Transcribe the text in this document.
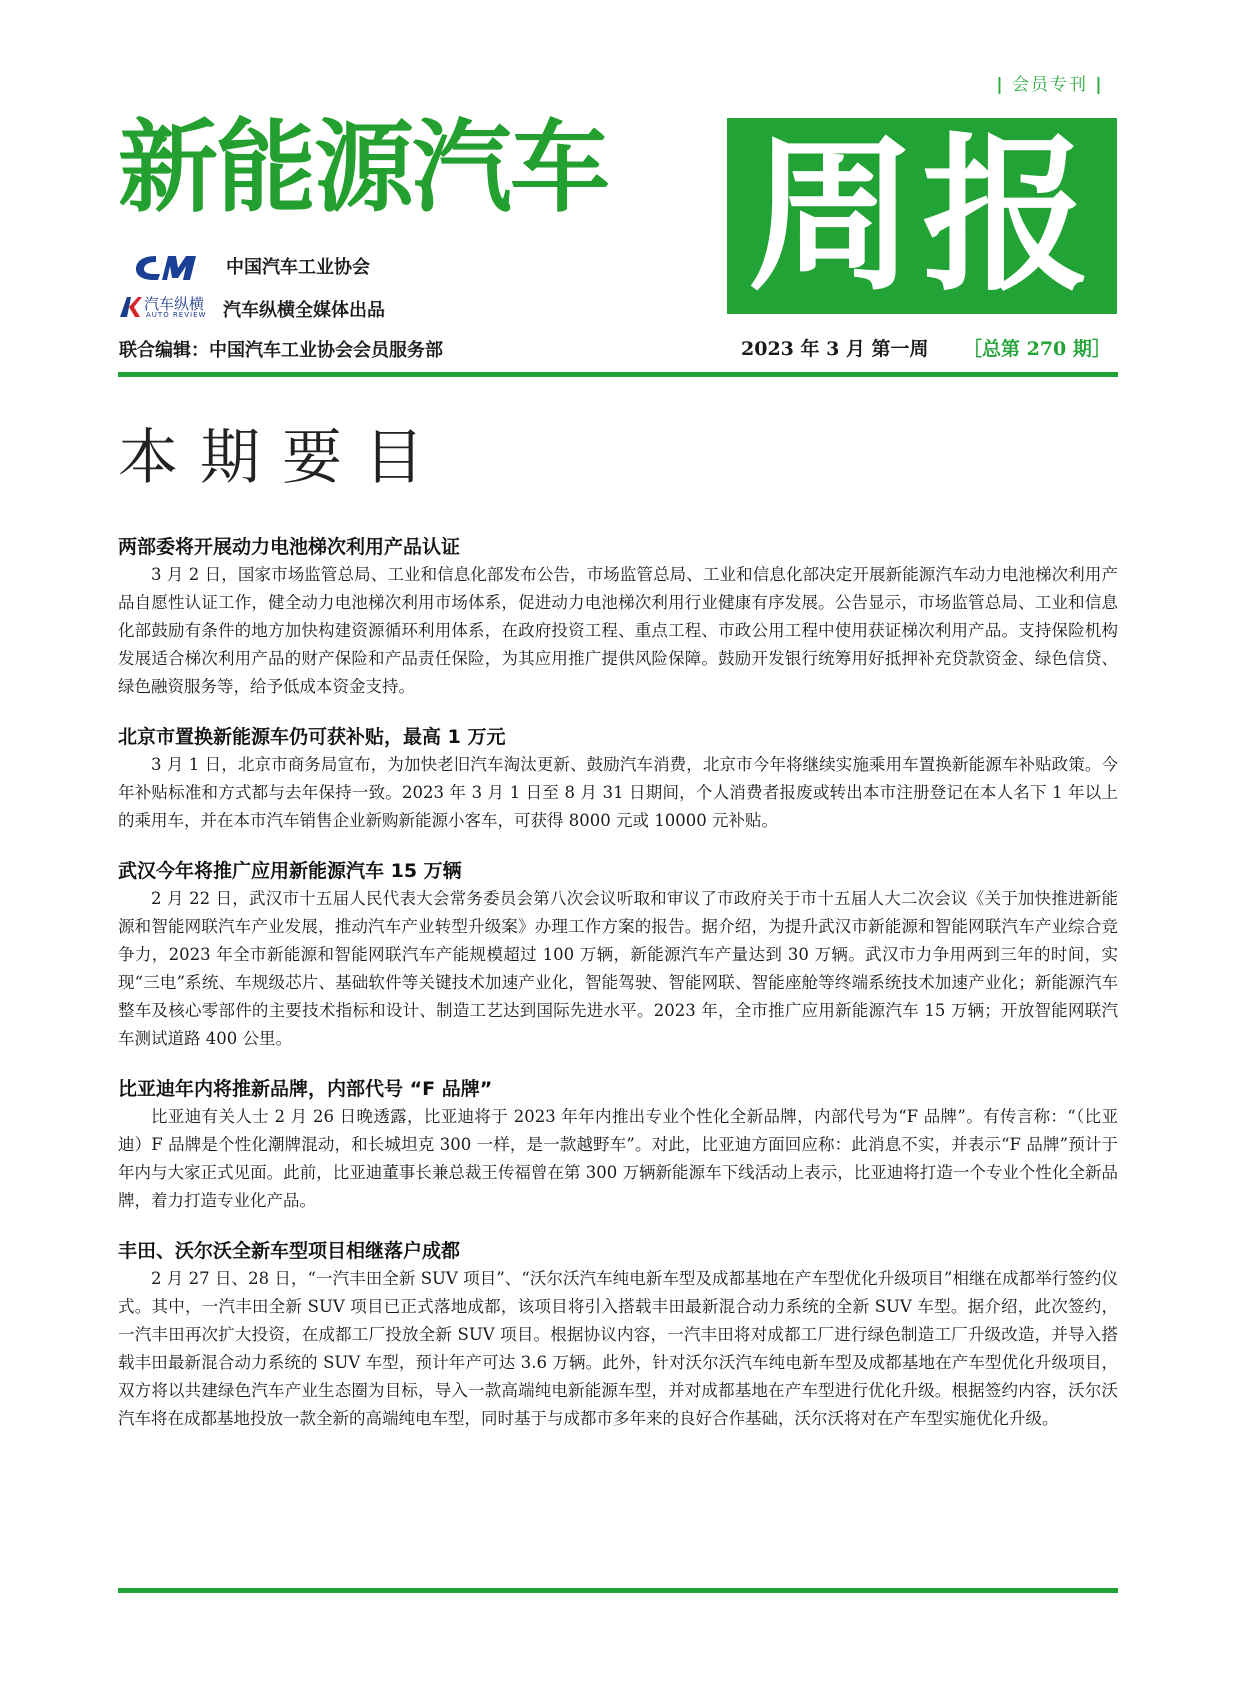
| 会员专刊 |
新能源汽车 周报
中国汽车工业协会
汽车纵横
AUTO REVIEW 汽车纵横全媒体出品
联合编辑：中国汽车工业协会会员服务部	2023 年 3 月 第一周 ［总第 270 期］
本期要目
两部委将开展动力电池梯次利用产品认证

3 月 2 日，国家市场监管总局、工业和信息化部发布公告，市场监管总局、工业和信息化部决定开展新能源汽车动力电池梯次利用产品自愿性认证工作，健全动力电池梯次利用市场体系，促进动力电池梯次利用行业健康有序发展。公告显示，市场监管总局、工业和信息化部鼓励有条件的地方加快构建资源循环利用体系，在政府投资工程、重点工程、市政公用工程中使用获证梯次利用产品。支持保险机构发展适合梯次利用产品的财产保险和产品责任保险，为其应用推广提供风险保障。鼓励开发银行统筹用好抵押补充贷款资金、绿色信贷、绿色融资服务等，给予低成本资金支持。

北京市置换新能源车仍可获补贴，最高 1 万元

3 月 1 日，北京市商务局宣布，为加快老旧汽车淘汰更新、鼓励汽车消费，北京市今年将继续实施乘用车置换新能源车补贴政策。今年补贴标准和方式都与去年保持一致。2023 年 3 月 1 日至 8 月 31 日期间，个人消费者报废或转出本市注册登记在本人名下 1 年以上的乘用车，并在本市汽车销售企业新购新能源小客车，可获得 8000 元或 10000 元补贴。

武汉今年将推广应用新能源汽车 15 万辆

2 月 22 日，武汉市十五届人民代表大会常务委员会第八次会议听取和审议了市政府关于市十五届人大二次会议《关于加快推进新能源和智能网联汽车产业发展，推动汽车产业转型升级案》办理工作方案的报告。据介绍，为提升武汉市新能源和智能网联汽车产业综合竞争力，2023 年全市新能源和智能网联汽车产能规模超过 100 万辆，新能源汽车产量达到 30 万辆。武汉市力争用两到三年的时间，实现“三电”系统、车规级芯片、基础软件等关键技术加速产业化，智能驾驶、智能网联、智能座舱等终端系统技术加速产业化；新能源汽车整车及核心零部件的主要技术指标和设计、制造工艺达到国际先进水平。2023 年，全市推广应用新能源汽车 15 万辆；开放智能网联汽车测试道路 400 公里。

比亚迪年内将推新品牌，内部代号 “F 品牌”

比亚迪有关人士 2 月 26 日晚透露，比亚迪将于 2023 年年内推出专业个性化全新品牌，内部代号为“F 品牌”。有传言称：“（比亚迪）F 品牌是个性化潮牌混动，和长城坦克 300 一样，是一款越野车”。对此，比亚迪方面回应称：此消息不实，并表示“F 品牌”预计于年内与大家正式见面。此前，比亚迪董事长兼总裁王传福曾在第 300 万辆新能源车下线活动上表示，比亚迪将打造一个专业个性化全新品牌，着力打造专业化产品。

丰田、沃尔沃全新车型项目相继落户成都

2 月 27 日、28 日，“一汽丰田全新 SUV 项目”、“沃尔沃汽车纯电新车型及成都基地在产车型优化升级项目”相继在成都举行签约仪式。其中，一汽丰田全新 SUV 项目已正式落地成都，该项目将引入搭载丰田最新混合动力系统的全新 SUV 车型。据介绍，此次签约，一汽丰田再次扩大投资，在成都工厂投放全新 SUV 项目。根据协议内容，一汽丰田将对成都工厂进行绿色制造工厂升级改造，并导入搭载丰田最新混合动力系统的 SUV 车型，预计年产可达 3.6 万辆。此外，针对沃尔沃汽车纯电新车型及成都基地在产车型优化升级项目，双方将以共建绿色汽车产业生态圈为目标，导入一款高端纯电新能源车型，并对成都基地在产车型进行优化升级。根据签约内容，沃尔沃汽车将在成都基地投放一款全新的高端纯电车型，同时基于与成都市多年来的良好合作基础，沃尔沃将对在产车型实施优化升级。
